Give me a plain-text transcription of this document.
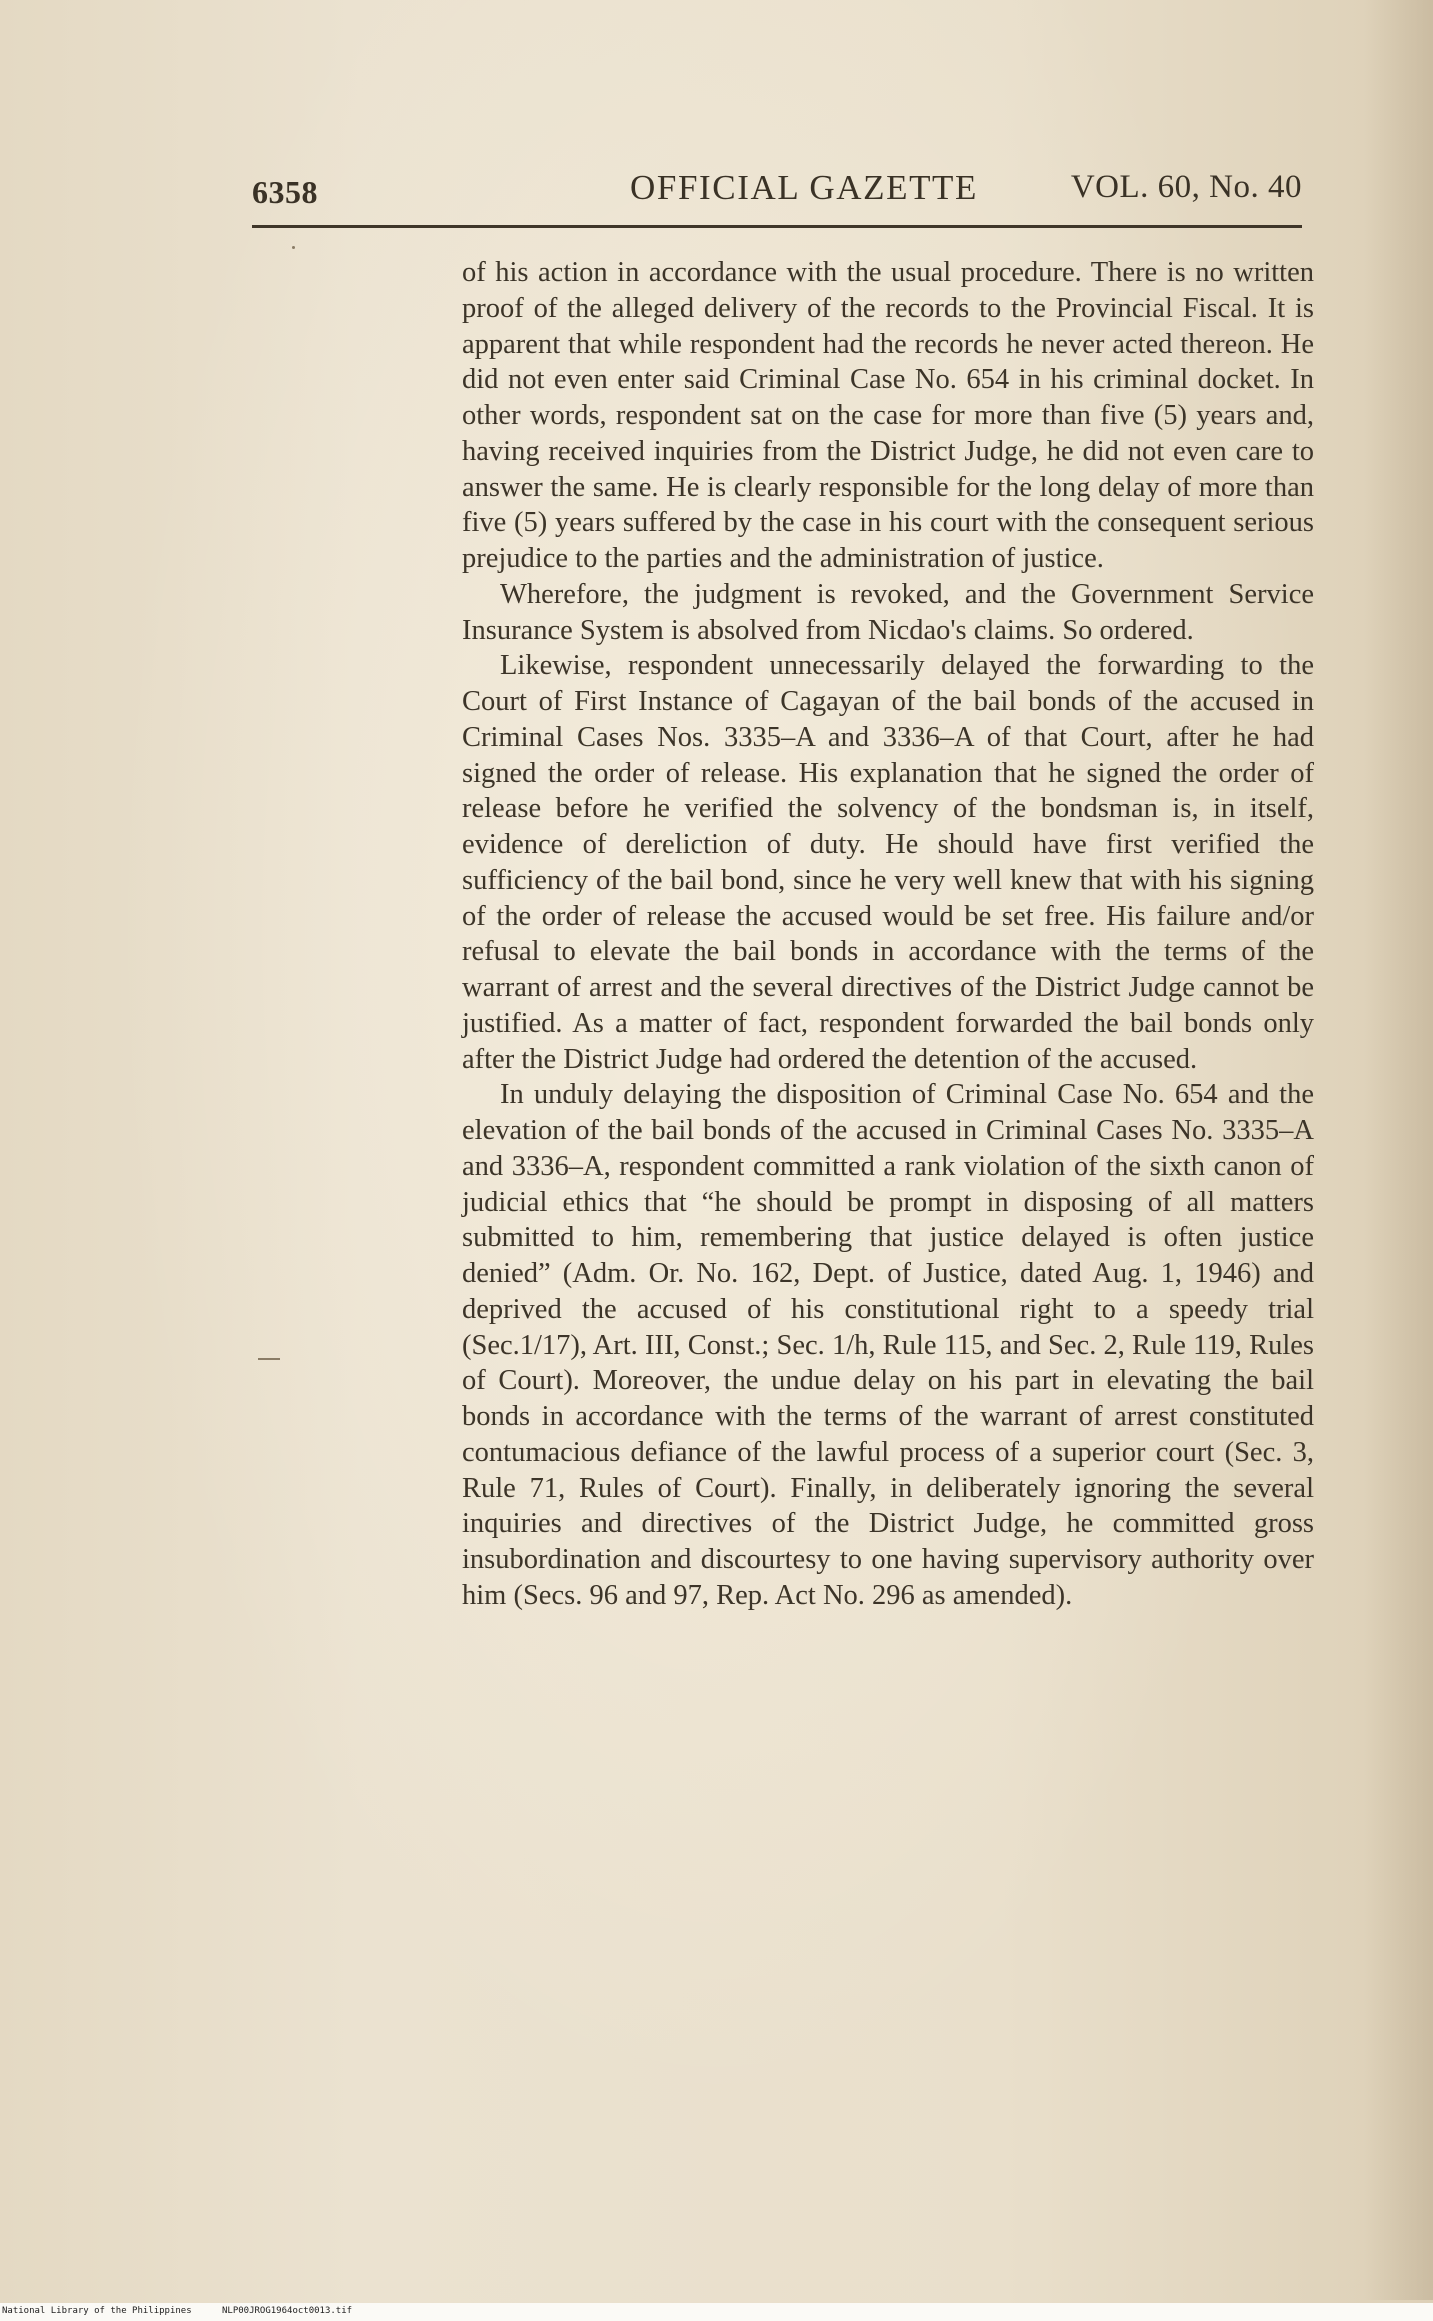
6358	OFFICIAL GAZETTE	VOL. 60, No. 40

of his action in accordance with the usual procedure. There is no written proof of the alleged delivery of the records to the Provincial Fiscal. It is apparent that while respondent had the records he never acted thereon. He did not even enter said Criminal Case No. 654 in his criminal docket. In other words, respondent sat on the case for more than five (5) years and, having received inquiries from the District Judge, he did not even care to answer the same. He is clearly responsible for the long delay of more than five (5) years suffered by the case in his court with the consequent serious prejudice to the parties and the administration of justice.

Wherefore, the judgment is revoked, and the Government Service Insurance System is absolved from Nicdao's claims. So ordered.

Likewise, respondent unnecessarily delayed the forwarding to the Court of First Instance of Cagayan of the bail bonds of the accused in Criminal Cases Nos. 3335–A and 3336–A of that Court, after he had signed the order of release. His explanation that he signed the order of release before he verified the solvency of the bondsman is, in itself, evidence of dereliction of duty. He should have first verified the sufficiency of the bail bond, since he very well knew that with his signing of the order of release the accused would be set free. His failure and/or refusal to elevate the bail bonds in accordance with the terms of the warrant of arrest and the several directives of the District Judge cannot be justified. As a matter of fact, respondent forwarded the bail bonds only after the District Judge had ordered the detention of the accused.

In unduly delaying the disposition of Criminal Case No. 654 and the elevation of the bail bonds of the accused in Criminal Cases No. 3335–A and 3336–A, respondent committed a rank violation of the sixth canon of judicial ethics that “he should be prompt in disposing of all matters submitted to him, remembering that justice delayed is often justice denied” (Adm. Or. No. 162, Dept. of Justice, dated Aug. 1, 1946) and deprived the accused of his constitutional right to a speedy trial (Sec.1/17), Art. III, Const.; Sec. 1/h, Rule 115, and Sec. 2, Rule 119, Rules of Court). Moreover, the undue delay on his part in elevating the bail bonds in accordance with the terms of the warrant of arrest constituted contumacious defiance of the lawful process of a superior court (Sec. 3, Rule 71, Rules of Court). Finally, in deliberately ignoring the several inquiries and directives of the District Judge, he committed gross insubordination and discourtesy to one having supervisory authority over him (Secs. 96 and 97, Rep. Act No. 296 as amended).

National Library of the Philippines	NLP00JROG1964oct0013.tif
